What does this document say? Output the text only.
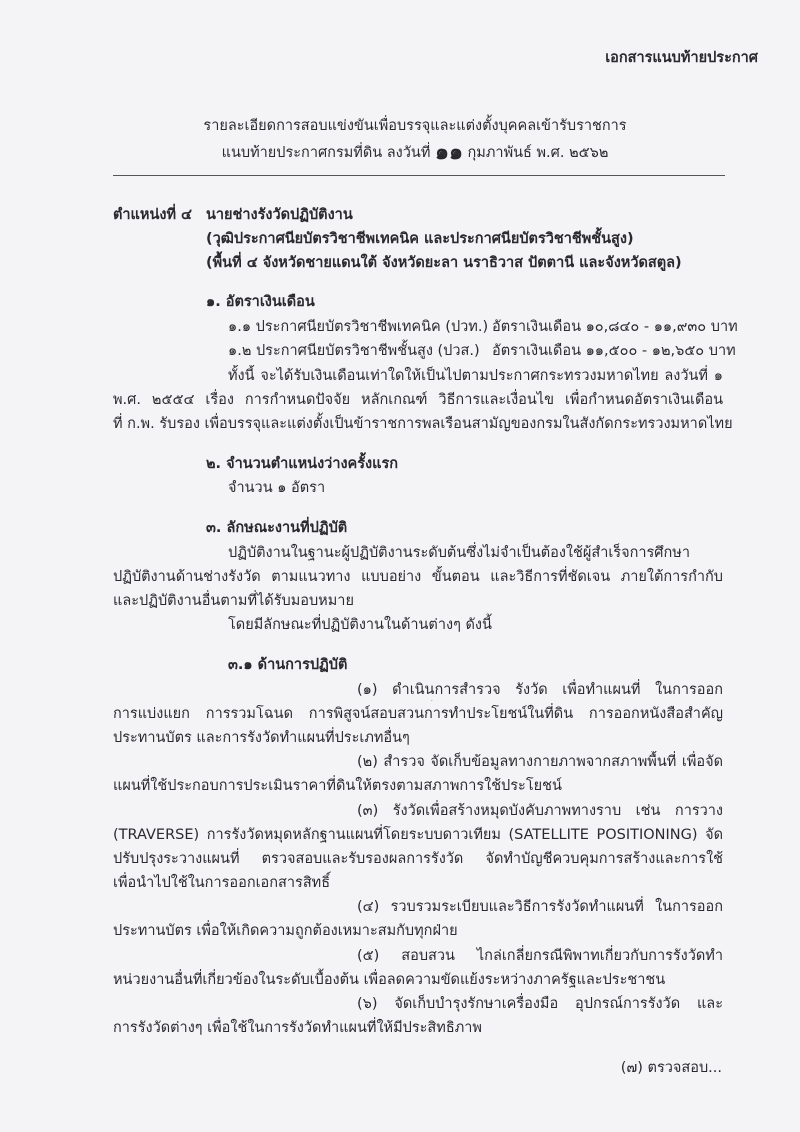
เอกสารแนบท้ายประกาศ
รายละเอียดการสอบแข่งขันเพื่อบรรจุและแต่งตั้งบุคคลเข้ารับราชการ
แนบท้ายประกาศกรมที่ดิน ลงวันที่ ๑๑ กุมภาพันธ์ พ.ศ. ๒๕๖๒
ตำแหน่งที่ ๔ นายช่างรังวัดปฏิบัติงาน
(วุฒิประกาศนียบัตรวิชาชีพเทคนิค และประกาศนียบัตรวิชาชีพชั้นสูง)
(พื้นที่ ๔ จังหวัดชายแดนใต้ จังหวัดยะลา นราธิวาส ปัตตานี และจังหวัดสตูล)
๑. อัตราเงินเดือน
๑.๑ ประกาศนียบัตรวิชาชีพเทคนิค (ปวท.) อัตราเงินเดือน ๑๐,๘๔๐ - ๑๑,๙๓๐ บาท
๑.๒ ประกาศนียบัตรวิชาชีพชั้นสูง (ปวส.) อัตราเงินเดือน ๑๑,๕๐๐ - ๑๒,๖๕๐ บาท
ทั้งนี้ จะได้รับเงินเดือนเท่าใดให้เป็นไปตามประกาศกระทรวงมหาดไทย ลงวันที่ ๑
พ.ศ. ๒๕๕๔ เรื่อง การกำหนดปัจจัย หลักเกณฑ์ วิธีการและเงื่อนไข เพื่อกำหนดอัตราเงินเดือน
ที่ ก.พ. รับรอง เพื่อบรรจุและแต่งตั้งเป็นข้าราชการพลเรือนสามัญของกรมในสังกัดกระทรวงมหาดไทย
๒. จำนวนตำแหน่งว่างครั้งแรก
จำนวน ๑ อัตรา
๓. ลักษณะงานที่ปฏิบัติ
ปฏิบัติงานในฐานะผู้ปฏิบัติงานระดับต้นซึ่งไม่จำเป็นต้องใช้ผู้สำเร็จการศึกษา
ปฏิบัติงานด้านช่างรังวัด ตามแนวทาง แบบอย่าง ขั้นตอน และวิธีการที่ชัดเจน ภายใต้การกำกับ
และปฏิบัติงานอื่นตามที่ได้รับมอบหมาย
โดยมีลักษณะที่ปฏิบัติงานในด้านต่างๆ ดังนี้
๓.๑ ด้านการปฏิบัติ
(๑) ดำเนินการสำรวจ รังวัด เพื่อทำแผนที่ ในการออก
การแบ่งแยก การรวมโฉนด การพิสูจน์สอบสวนการทำประโยชน์ในที่ดิน การออกหนังสือสำคัญ
ประทานบัตร และการรังวัดทำแผนที่ประเภทอื่นๆ
(๒) สำรวจ จัดเก็บข้อมูลทางกายภาพจากสภาพพื้นที่ เพื่อจัด
แผนที่ใช้ประกอบการประเมินราคาที่ดินให้ตรงตามสภาพการใช้ประโยชน์
(๓) รังวัดเพื่อสร้างหมุดบังคับภาพทางราบ เช่น การวาง
(TRAVERSE) การรังวัดหมุดหลักฐานแผนที่โดยระบบดาวเทียม (SATELLITE POSITIONING) จัด
ปรับปรุงระวางแผนที่ ตรวจสอบและรับรองผลการรังวัด จัดทำบัญชีควบคุมการสร้างและการใช้
เพื่อนำไปใช้ในการออกเอกสารสิทธิ์
(๔) รวบรวมระเบียบและวิธีการรังวัดทำแผนที่ ในการออก
ประทานบัตร เพื่อให้เกิดความถูกต้องเหมาะสมกับทุกฝ่าย
(๕) สอบสวน ไกล่เกลี่ยกรณีพิพาทเกี่ยวกับการรังวัดทำ
หน่วยงานอื่นที่เกี่ยวข้องในระดับเบื้องต้น เพื่อลดความขัดแย้งระหว่างภาครัฐและประชาชน
(๖) จัดเก็บบำรุงรักษาเครื่องมือ อุปกรณ์การรังวัด และ
การรังวัดต่างๆ เพื่อใช้ในการรังวัดทำแผนที่ให้มีประสิทธิภาพ
(๗) ตรวจสอบ...
